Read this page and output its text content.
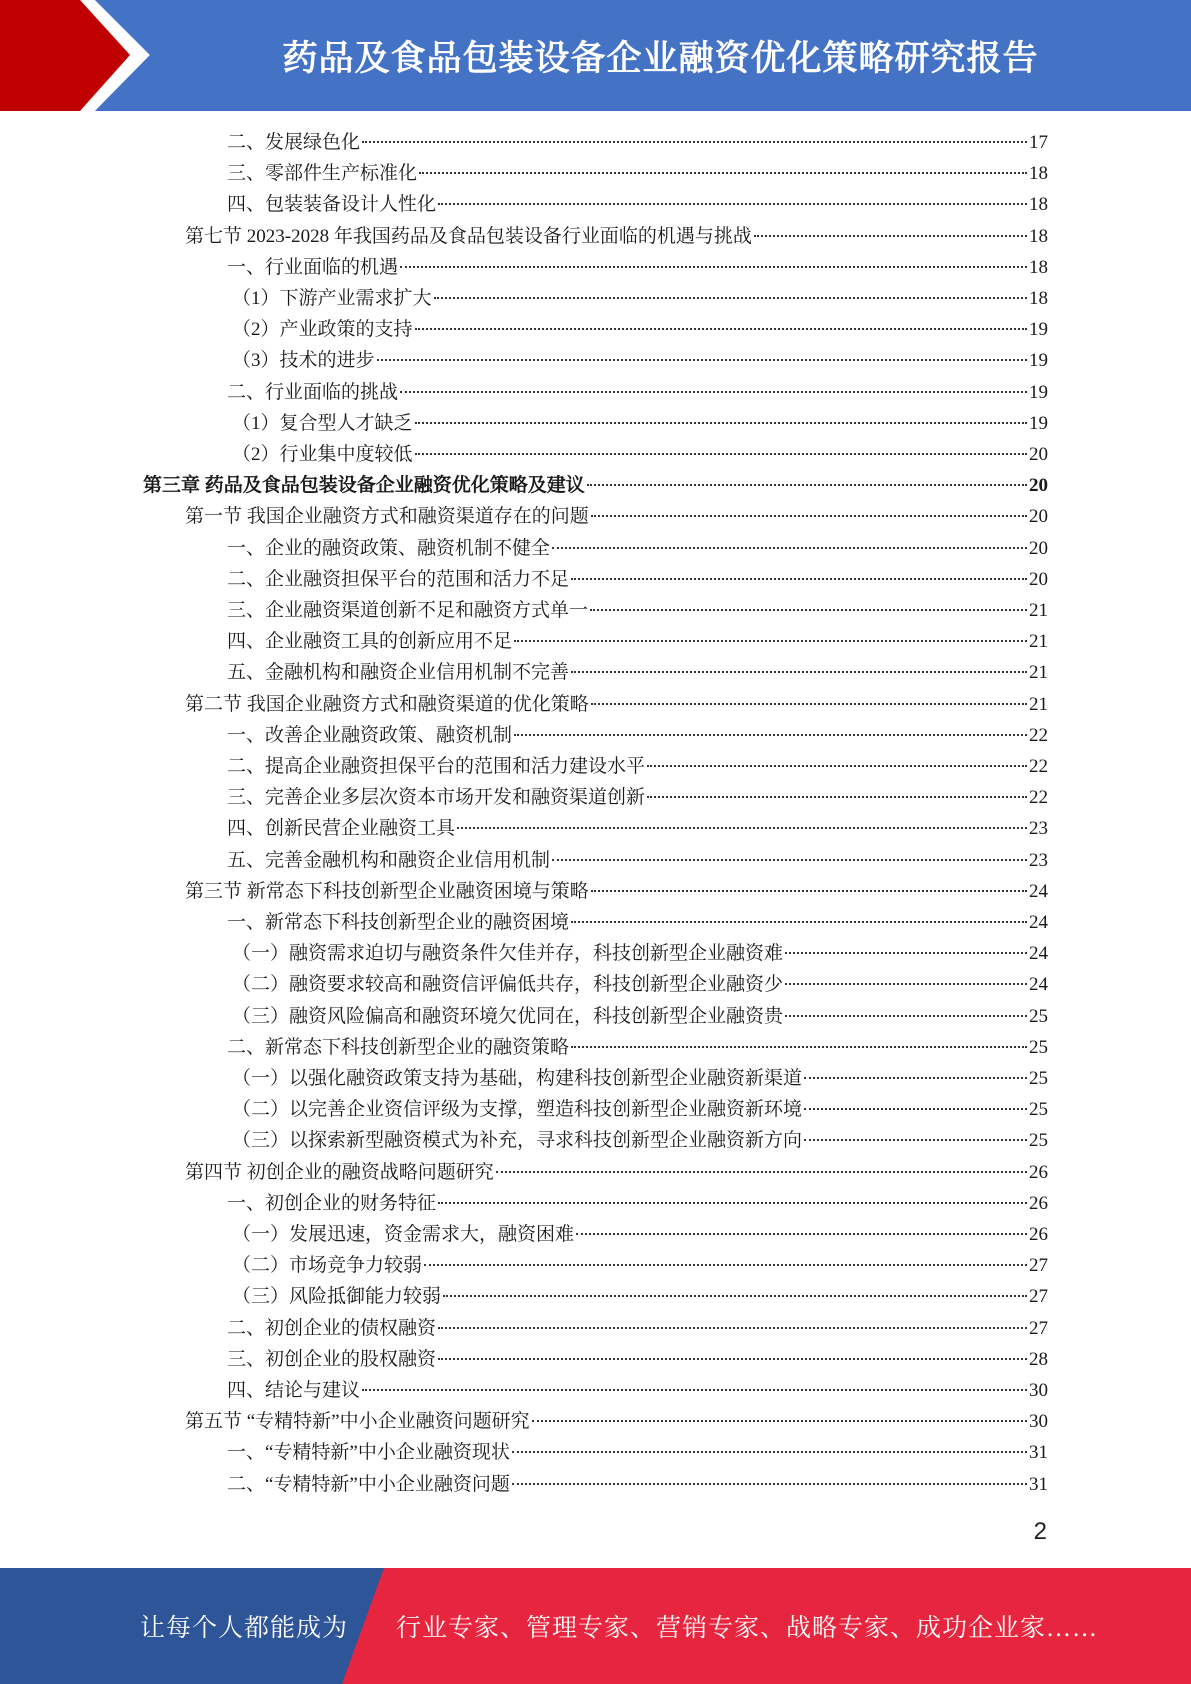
药品及食品包装设备企业融资优化策略研究报告
二、发展绿色化	17
三、零部件生产标准化	18
四、包装装备设计人性化	18
第七节 2023-2028 年我国药品及食品包装设备行业面临的机遇与挑战	18
一、行业面临的机遇	18
（1）下游产业需求扩大	18
（2）产业政策的支持	19
（3）技术的进步	19
二、行业面临的挑战	19
（1）复合型人才缺乏	19
（2）行业集中度较低	20
第三章 药品及食品包装设备企业融资优化策略及建议	20
第一节 我国企业融资方式和融资渠道存在的问题	20
一、企业的融资政策、融资机制不健全	20
二、企业融资担保平台的范围和活力不足	20
三、企业融资渠道创新不足和融资方式单一	21
四、企业融资工具的创新应用不足	21
五、金融机构和融资企业信用机制不完善	21
第二节 我国企业融资方式和融资渠道的优化策略	21
一、改善企业融资政策、融资机制	22
二、提高企业融资担保平台的范围和活力建设水平	22
三、完善企业多层次资本市场开发和融资渠道创新	22
四、创新民营企业融资工具	23
五、完善金融机构和融资企业信用机制	23
第三节 新常态下科技创新型企业融资困境与策略	24
一、新常态下科技创新型企业的融资困境	24
（一）融资需求迫切与融资条件欠佳并存，科技创新型企业融资难	24
（二）融资要求较高和融资信评偏低共存，科技创新型企业融资少	24
（三）融资风险偏高和融资环境欠优同在，科技创新型企业融资贵	25
二、新常态下科技创新型企业的融资策略	25
（一）以强化融资政策支持为基础，构建科技创新型企业融资新渠道	25
（二）以完善企业资信评级为支撑，塑造科技创新型企业融资新环境	25
（三）以探索新型融资模式为补充，寻求科技创新型企业融资新方向	25
第四节 初创企业的融资战略问题研究	26
一、初创企业的财务特征	26
（一）发展迅速，资金需求大，融资困难	26
（二）市场竞争力较弱	27
（三）风险抵御能力较弱	27
二、初创企业的债权融资	27
三、初创企业的股权融资	28
四、结论与建议	30
第五节 “专精特新”中小企业融资问题研究	30
一、“专精特新”中小企业融资现状	31
二、“专精特新”中小企业融资问题	31
2
让每个人都能成为 行业专家、管理专家、营销专家、战略专家、成功企业家……
